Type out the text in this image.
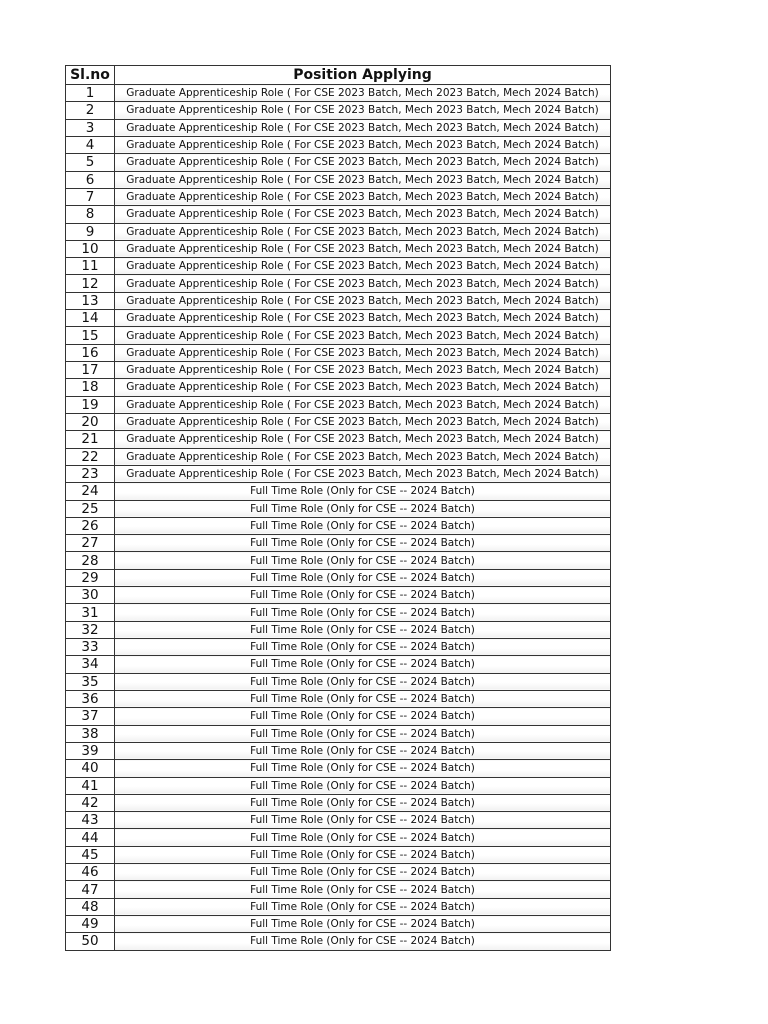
Sl.no	Position Applying
1	Graduate Apprenticeship Role ( For CSE 2023 Batch, Mech 2023 Batch, Mech 2024 Batch)
2	Graduate Apprenticeship Role ( For CSE 2023 Batch, Mech 2023 Batch, Mech 2024 Batch)
3	Graduate Apprenticeship Role ( For CSE 2023 Batch, Mech 2023 Batch, Mech 2024 Batch)
4	Graduate Apprenticeship Role ( For CSE 2023 Batch, Mech 2023 Batch, Mech 2024 Batch)
5	Graduate Apprenticeship Role ( For CSE 2023 Batch, Mech 2023 Batch, Mech 2024 Batch)
6	Graduate Apprenticeship Role ( For CSE 2023 Batch, Mech 2023 Batch, Mech 2024 Batch)
7	Graduate Apprenticeship Role ( For CSE 2023 Batch, Mech 2023 Batch, Mech 2024 Batch)
8	Graduate Apprenticeship Role ( For CSE 2023 Batch, Mech 2023 Batch, Mech 2024 Batch)
9	Graduate Apprenticeship Role ( For CSE 2023 Batch, Mech 2023 Batch, Mech 2024 Batch)
10	Graduate Apprenticeship Role ( For CSE 2023 Batch, Mech 2023 Batch, Mech 2024 Batch)
11	Graduate Apprenticeship Role ( For CSE 2023 Batch, Mech 2023 Batch, Mech 2024 Batch)
12	Graduate Apprenticeship Role ( For CSE 2023 Batch, Mech 2023 Batch, Mech 2024 Batch)
13	Graduate Apprenticeship Role ( For CSE 2023 Batch, Mech 2023 Batch, Mech 2024 Batch)
14	Graduate Apprenticeship Role ( For CSE 2023 Batch, Mech 2023 Batch, Mech 2024 Batch)
15	Graduate Apprenticeship Role ( For CSE 2023 Batch, Mech 2023 Batch, Mech 2024 Batch)
16	Graduate Apprenticeship Role ( For CSE 2023 Batch, Mech 2023 Batch, Mech 2024 Batch)
17	Graduate Apprenticeship Role ( For CSE 2023 Batch, Mech 2023 Batch, Mech 2024 Batch)
18	Graduate Apprenticeship Role ( For CSE 2023 Batch, Mech 2023 Batch, Mech 2024 Batch)
19	Graduate Apprenticeship Role ( For CSE 2023 Batch, Mech 2023 Batch, Mech 2024 Batch)
20	Graduate Apprenticeship Role ( For CSE 2023 Batch, Mech 2023 Batch, Mech 2024 Batch)
21	Graduate Apprenticeship Role ( For CSE 2023 Batch, Mech 2023 Batch, Mech 2024 Batch)
22	Graduate Apprenticeship Role ( For CSE 2023 Batch, Mech 2023 Batch, Mech 2024 Batch)
23	Graduate Apprenticeship Role ( For CSE 2023 Batch, Mech 2023 Batch, Mech 2024 Batch)
24	Full Time Role (Only for CSE -- 2024 Batch)
25	Full Time Role (Only for CSE -- 2024 Batch)
26	Full Time Role (Only for CSE -- 2024 Batch)
27	Full Time Role (Only for CSE -- 2024 Batch)
28	Full Time Role (Only for CSE -- 2024 Batch)
29	Full Time Role (Only for CSE -- 2024 Batch)
30	Full Time Role (Only for CSE -- 2024 Batch)
31	Full Time Role (Only for CSE -- 2024 Batch)
32	Full Time Role (Only for CSE -- 2024 Batch)
33	Full Time Role (Only for CSE -- 2024 Batch)
34	Full Time Role (Only for CSE -- 2024 Batch)
35	Full Time Role (Only for CSE -- 2024 Batch)
36	Full Time Role (Only for CSE -- 2024 Batch)
37	Full Time Role (Only for CSE -- 2024 Batch)
38	Full Time Role (Only for CSE -- 2024 Batch)
39	Full Time Role (Only for CSE -- 2024 Batch)
40	Full Time Role (Only for CSE -- 2024 Batch)
41	Full Time Role (Only for CSE -- 2024 Batch)
42	Full Time Role (Only for CSE -- 2024 Batch)
43	Full Time Role (Only for CSE -- 2024 Batch)
44	Full Time Role (Only for CSE -- 2024 Batch)
45	Full Time Role (Only for CSE -- 2024 Batch)
46	Full Time Role (Only for CSE -- 2024 Batch)
47	Full Time Role (Only for CSE -- 2024 Batch)
48	Full Time Role (Only for CSE -- 2024 Batch)
49	Full Time Role (Only for CSE -- 2024 Batch)
50	Full Time Role (Only for CSE -- 2024 Batch)
